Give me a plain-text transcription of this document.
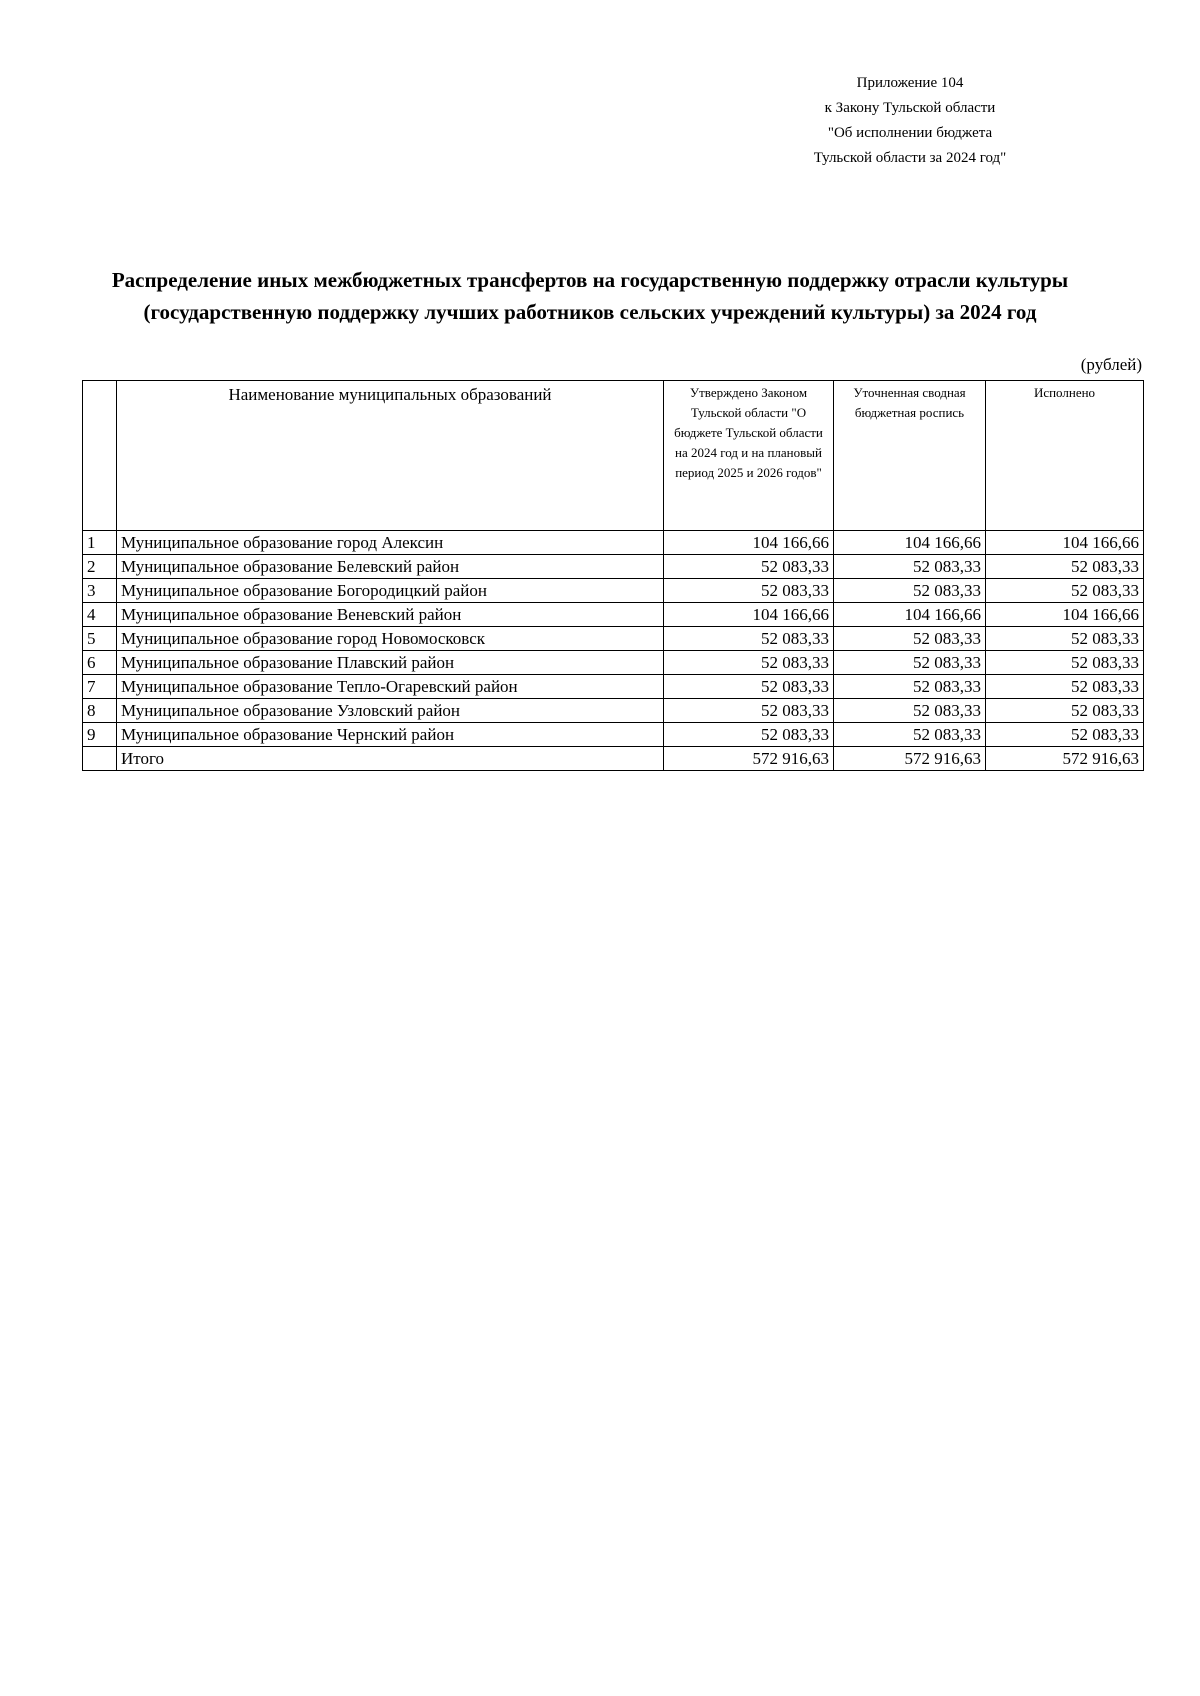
Приложение 104
к Закону Тульской области
"Об исполнении бюджета
Тульской области за 2024 год"
Распределение иных межбюджетных трансфертов на государственную поддержку отрасли культуры
(государственную поддержку лучших работников сельских учреждений культуры) за 2024 год
(рублей)
	Наименование муниципальных образований	Утверждено Законом Тульской области "О бюджете Тульской области на 2024 год и на плановый период 2025 и 2026 годов"	Уточненная сводная бюджетная роспись	Исполнено
1	Муниципальное образование город Алексин	104 166,66	104 166,66	104 166,66
2	Муниципальное образование Белевский район	52 083,33	52 083,33	52 083,33
3	Муниципальное образование Богородицкий район	52 083,33	52 083,33	52 083,33
4	Муниципальное образование Веневский район	104 166,66	104 166,66	104 166,66
5	Муниципальное образование город Новомосковск	52 083,33	52 083,33	52 083,33
6	Муниципальное образование Плавский район	52 083,33	52 083,33	52 083,33
7	Муниципальное образование Тепло-Огаревский район	52 083,33	52 083,33	52 083,33
8	Муниципальное образование Узловский район	52 083,33	52 083,33	52 083,33
9	Муниципальное образование Чернский район	52 083,33	52 083,33	52 083,33
	Итого	572 916,63	572 916,63	572 916,63
